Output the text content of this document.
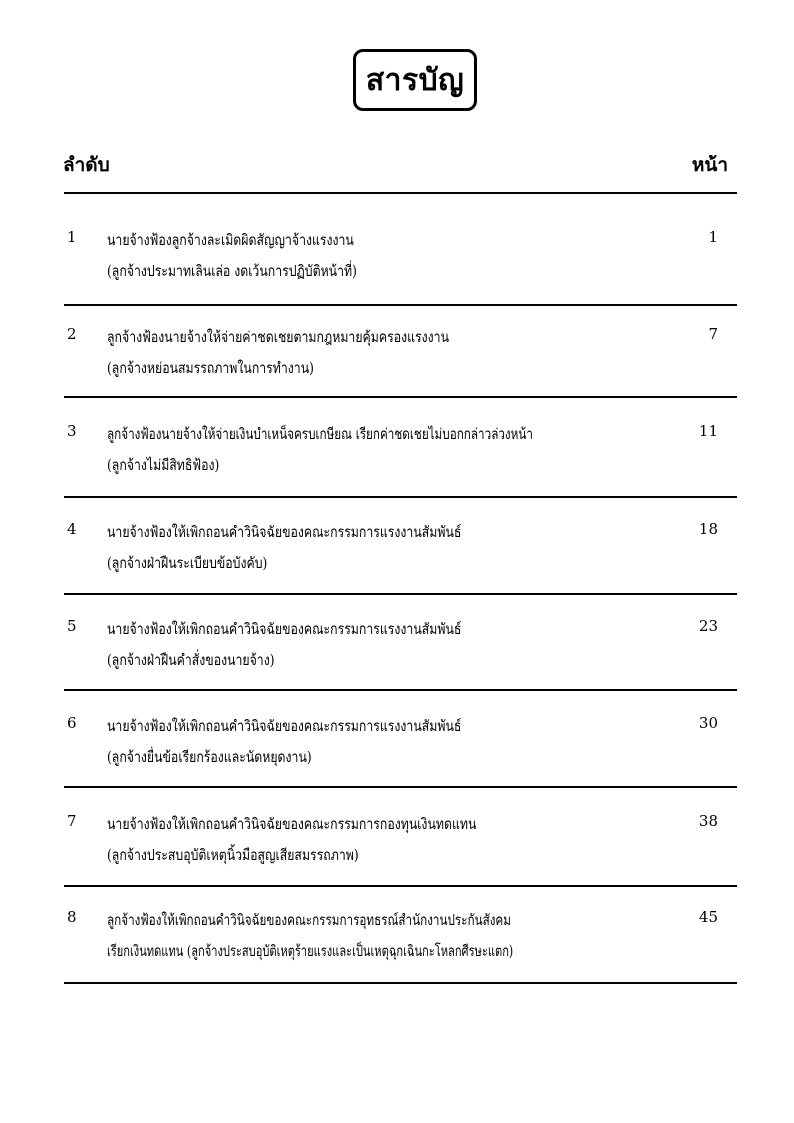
สารบัญ
ลำดับ	หน้า
1 นายจ้างฟ้องลูกจ้างละเมิดผิดสัญญาจ้างแรงงาน
(ลูกจ้างประมาทเลินเล่อ งดเว้นการปฏิบัติหน้าที่)
1
2 ลูกจ้างฟ้องนายจ้างให้จ่ายค่าชดเชยตามกฎหมายคุ้มครองแรงงาน
(ลูกจ้างหย่อนสมรรถภาพในการทำงาน)
7
3 ลูกจ้างฟ้องนายจ้างให้จ่ายเงินบำเหน็จครบเกษียณ เรียกค่าชดเชยไม่บอกกล่าวล่วงหน้า
(ลูกจ้างไม่มีสิทธิฟ้อง)
11
4 นายจ้างฟ้องให้เพิกถอนคำวินิจฉัยของคณะกรรมการแรงงานสัมพันธ์
(ลูกจ้างฝ่าฝืนระเบียบข้อบังคับ)
18
5 นายจ้างฟ้องให้เพิกถอนคำวินิจฉัยของคณะกรรมการแรงงานสัมพันธ์
(ลูกจ้างฝ่าฝืนคำสั่งของนายจ้าง)
23
6 นายจ้างฟ้องให้เพิกถอนคำวินิจฉัยของคณะกรรมการแรงงานสัมพันธ์
(ลูกจ้างยื่นข้อเรียกร้องและนัดหยุดงาน)
30
7 นายจ้างฟ้องให้เพิกถอนคำวินิจฉัยของคณะกรรมการกองทุนเงินทดแทน
(ลูกจ้างประสบอุบัติเหตุนิ้วมือสูญเสียสมรรถภาพ)
38
8 ลูกจ้างฟ้องให้เพิกถอนคำวินิจฉัยของคณะกรรมการอุทธรณ์สำนักงานประกันสังคม
เรียกเงินทดแทน (ลูกจ้างประสบอุบัติเหตุร้ายแรงและเป็นเหตุฉุกเฉินกะโหลกศีรษะแตก)
45
